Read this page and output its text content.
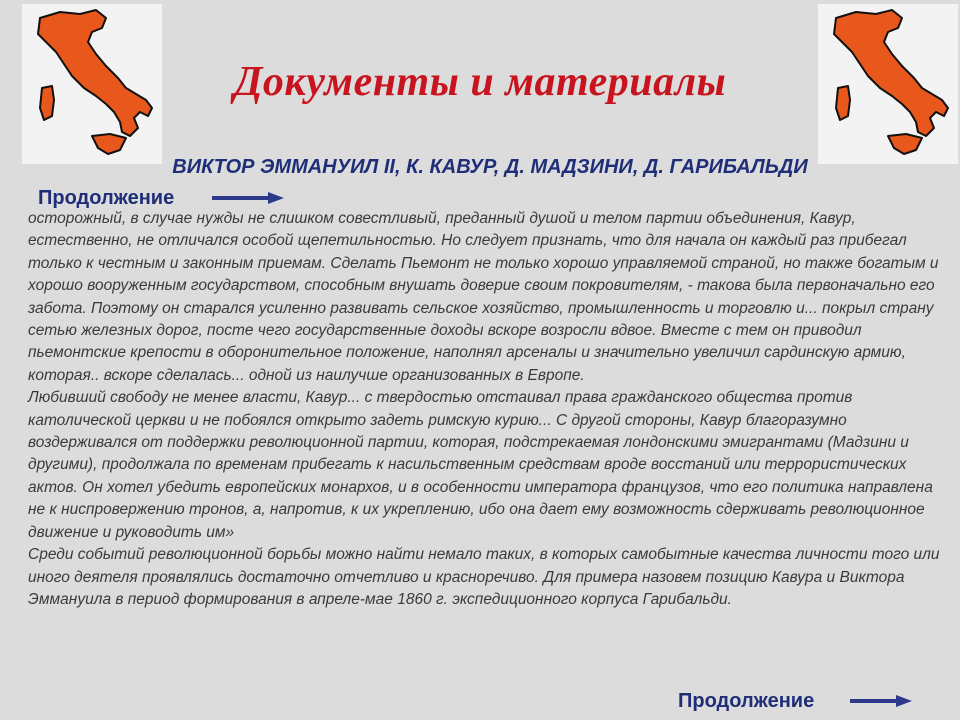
Документы и материалы
ВИКТОР ЭММАНУИЛ II, К. КАВУР, Д. МАДЗИНИ, Д. ГАРИБАЛЬДИ
Продолжение

осторожный, в случае нужды не слишком совестливый, преданный душой и телом партии объединения, Кавур, естественно, не отличался особой щепетильностью. Но следует признать, что для начала он каждый раз прибегал только к честным и законным приемам. Сделать Пьемонт не только хорошо управляемой страной, но также богатым и хорошо вооруженным государством, способным внушать доверие своим покровителям, - такова была первоначально его забота. Поэтому он старался усиленно развивать сельское хозяйство, промышленность и торговлю и... покрыл страну сетью железных дорог, посте чего государственные доходы вскоре возросли вдвое. Вместе с тем он приводил пьемонтские крепости в оборонительное положение, наполнял арсеналы и значительно увеличил сардинскую армию, которая.. вскоре сделалась... одной из наилучше организованных в Европе.

Любивший свободу не менее власти, Кавур... с твердостью отстаивал права гражданского общества против католической церкви и не побоялся открыто задеть римскую курию... С другой стороны, Кавур благоразумно воздерживался от поддержки революционной партии, которая, подстрекаемая лондонскими эмигрантами (Мадзини и другими), продолжала по временам прибегать к насильственным средствам вроде восстаний или террористических актов. Он хотел убедить европейских монархов, и в особенности императора французов, что его политика направлена не к ниспровержению тронов, а, напротив, к их укреплению, ибо она дает ему возможность сдерживать революционное движение и руководить им»

Среди событий революционной борьбы можно найти немало таких, в которых самобытные качества личности того или иного деятеля проявлялись достаточно отчетливо и красноречиво. Для примера назовем позицию Кавура и Виктора Эммануила в период формирования в апреле-мае 1860 г. экспедиционного корпуса Гарибальди.

Продолжение
